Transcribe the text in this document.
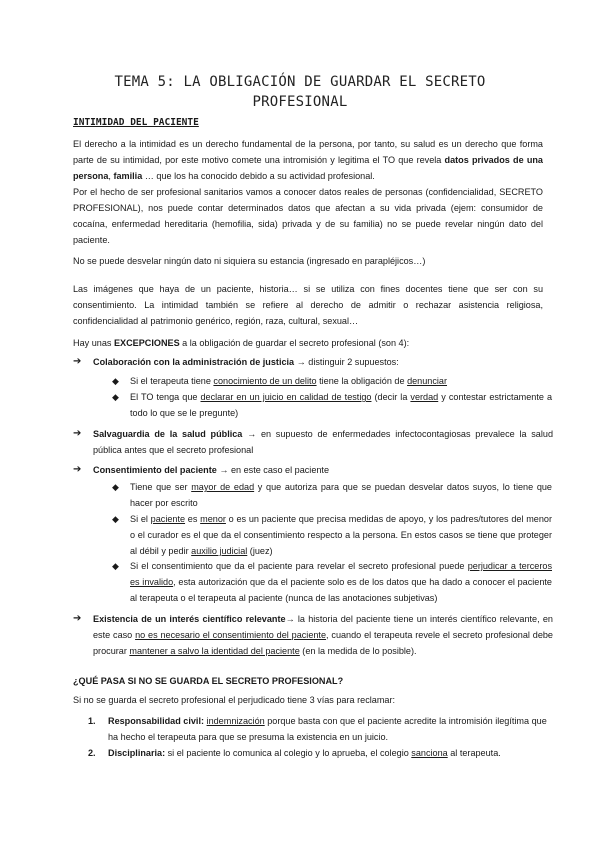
TEMA 5: LA OBLIGACIÓN DE GUARDAR EL SECRETO
PROFESIONAL
INTIMIDAD DEL PACIENTE

El derecho a la intimidad es un derecho fundamental de la persona, por tanto, su salud es un derecho que forma parte de su intimidad, por este motivo comete una intromisión y legitima el TO que revela datos privados de una persona, familia … que los ha conocido debido a su actividad profesional.

Por el hecho de ser profesional sanitarios vamos a conocer datos reales de personas (confidencialidad, SECRETO PROFESIONAL), nos puede contar determinados datos que afectan a su vida privada (ejem: consumidor de cocaína, enfermedad hereditaria (hemofilia, sida) privada y de su familia) no se puede revelar ningún dato del paciente.

No se puede desvelar ningún dato ni siquiera su estancia (ingresado en parapléjicos…)
Las imágenes que haya de un paciente, historia… si se utiliza con fines docentes tiene que ser con su consentimiento. La intimidad también se refiere al derecho de admitir o rechazar asistencia religiosa, confidencialidad al patrimonio genérico, región, raza, cultural, sexual…
Hay unas EXCEPCIONES a la obligación de guardar el secreto profesional (son 4):
➔ Colaboración con la administración de justicia → distinguir 2 supuestos:
◆ Si el terapeuta tiene conocimiento de un delito tiene la obligación de denunciar
◆ El TO tenga que declarar en un juicio en calidad de testigo (decir la verdad y contestar estrictamente a todo lo que se le pregunte)
➔ Salvaguardia de la salud pública → en supuesto de enfermedades infectocontagiosas prevalece la salud pública antes que el secreto profesional
➔ Consentimiento del paciente → en este caso el paciente
◆ Tiene que ser mayor de edad y que autoriza para que se puedan desvelar datos suyos, lo tiene que hacer por escrito
◆ Si el paciente es menor o es un paciente que precisa medidas de apoyo, y los padres/tutores del menor o el curador es el que da el consentimiento respecto a la persona. En estos casos se tiene que proteger al débil y pedir auxilio judicial (juez)
◆ Si el consentimiento que da el paciente para revelar el secreto profesional puede perjudicar a terceros es invalido, esta autorización que da el paciente solo es de los datos que ha dado a conocer el paciente al terapeuta o el terapeuta al paciente (nunca de las anotaciones subjetivas)
➔ Existencia de un interés científico relevante→ la historia del paciente tiene un interés científico relevante, en este caso no es necesario el consentimiento del paciente, cuando el terapeuta revele el secreto profesional debe procurar mantener a salvo la identidad del paciente (en la medida de lo posible).
¿QUÉ PASA SI NO SE GUARDA EL SECRETO PROFESIONAL?
Si no se guarda el secreto profesional el perjudicado tiene 3 vías para reclamar:
1. Responsabilidad civil: indemnización porque basta con que el paciente acredite la intromisión ilegítima que ha hecho el terapeuta para que se presuma la existencia en un juicio.
2. Disciplinaria: si el paciente lo comunica al colegio y lo aprueba, el colegio sanciona al terapeuta.
